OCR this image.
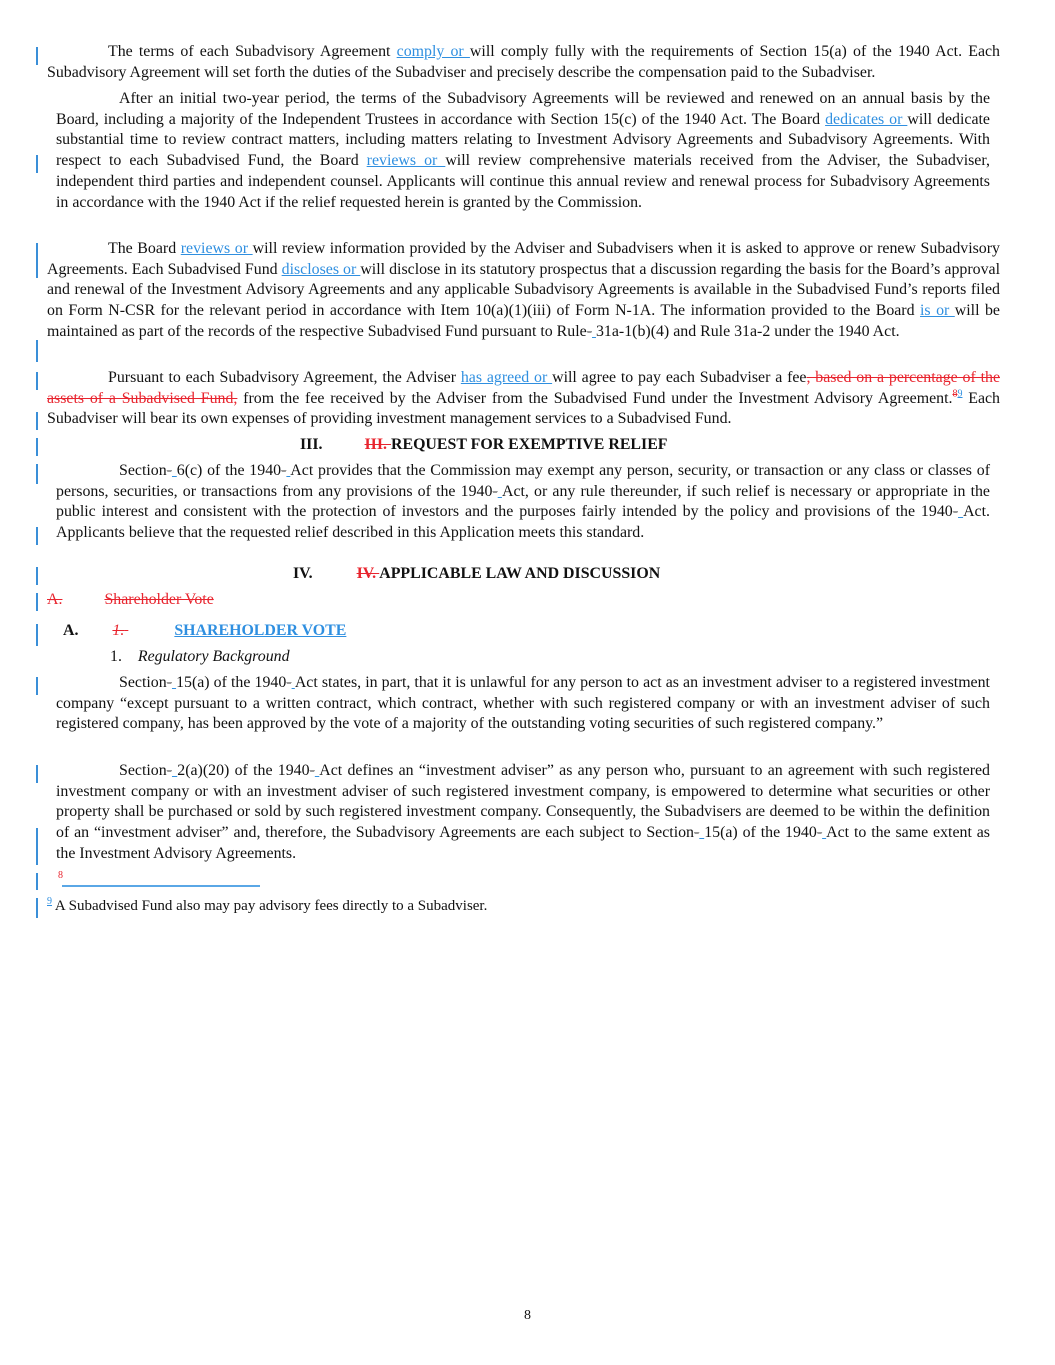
The terms of each Subadvisory Agreement comply or will comply fully with the requirements of Section 15(a) of the 1940 Act. Each Subadvisory Agreement will set forth the duties of the Subadviser and precisely describe the compensation paid to the Subadviser.

After an initial two-year period, the terms of the Subadvisory Agreements will be reviewed and renewed on an annual basis by the Board, including a majority of the Independent Trustees in accordance with Section 15(c) of the 1940 Act. The Board dedicates or will dedicate substantial time to review contract matters, including matters relating to Investment Advisory Agreements and Subadvisory Agreements. With respect to each Subadvised Fund, the Board reviews or will review comprehensive materials received from the Adviser, the Subadviser, independent third parties and independent counsel. Applicants will continue this annual review and renewal process for Subadvisory Agreements in accordance with the 1940 Act if the relief requested herein is granted by the Commission.

The Board reviews or will review information provided by the Adviser and Subadvisers when it is asked to approve or renew Subadvisory Agreements. Each Subadvised Fund discloses or will disclose in its statutory prospectus that a discussion regarding the basis for the Board’s approval and renewal of the Investment Advisory Agreements and any applicable Subadvisory Agreements is available in the Subadvised Fund’s reports filed on Form N-CSR for the relevant period in accordance with Item 10(a)(1)(iii) of Form N-1A. The information provided to the Board is or will be maintained as part of the records of the respective Subadvised Fund pursuant to Rule- 31a-1(b)(4) and Rule 31a-2 under the 1940 Act.

Pursuant to each Subadvisory Agreement, the Adviser has agreed or will agree to pay each Subadviser a fee, based on a percentage of the assets of a Subadvised Fund, from the fee received by the Adviser from the Subadvised Fund under the Investment Advisory Agreement.$^{89}$ Each Subadviser will bear its own expenses of providing investment management services to a Subadvised Fund.

III.	III. REQUEST FOR EXEMPTIVE RELIEF

Section- 6(c) of the 1940- Act provides that the Commission may exempt any person, security, or transaction or any class or classes of persons, securities, or transactions from any provisions of the 1940- Act, or any rule thereunder, if such relief is necessary or appropriate in the public interest and consistent with the protection of investors and the purposes fairly intended by the policy and provisions of the 1940- Act. Applicants believe that the requested relief described in this Application meets this standard.

IV.	IV. APPLICABLE LAW AND DISCUSSION
A.	Shareholder Vote
A. 1.	SHAREHOLDER VOTE
1. Regulatory Background

Section- 15(a) of the 1940- Act states, in part, that it is unlawful for any person to act as an investment adviser to a registered investment company “except pursuant to a written contract, which contract, whether with such registered company or with an investment adviser of such registered company, has been approved by the vote of a majority of the outstanding voting securities of such registered company.”

Section- 2(a)(20) of the 1940- Act defines an “investment adviser” as any person who, pursuant to an agreement with such registered investment company or with an investment adviser of such registered investment company, is empowered to determine what securities or other property shall be purchased or sold by such registered investment company. Consequently, the Subadvisers are deemed to be within the definition of an “investment adviser” and, therefore, the Subadvisory Agreements are each subject to Section- 15(a) of the 1940- Act to the same extent as the Investment Advisory Agreements.

8
$^9$ A Subadvised Fund also may pay advisory fees directly to a Subadviser.
8
